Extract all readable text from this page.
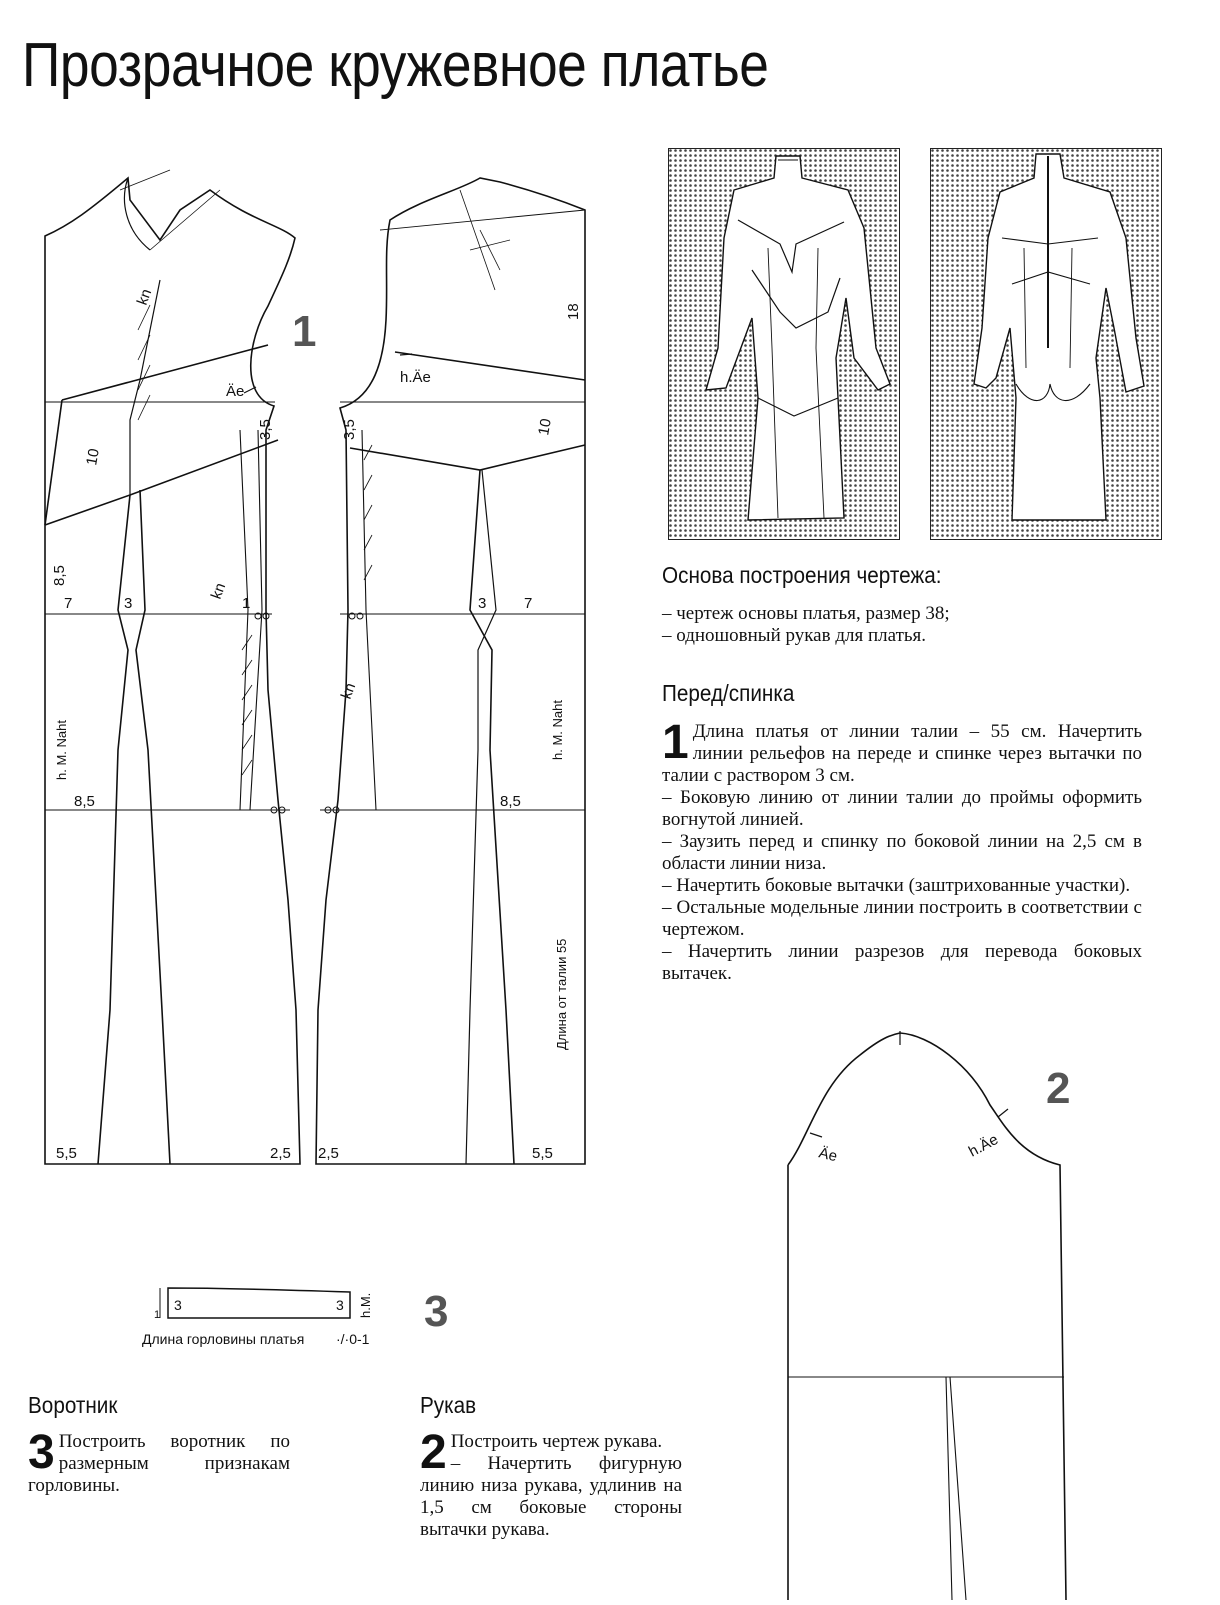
Прозрачное кружевное платье
1
kn
Äe
h.Äe
3,5	3,5
10
10
18
8,5
7	3	1	3	7
kn
kn
h. M. Naht	h. M. Naht
8,5	8,5
Длина от талии 55
5,5	2,5 2,5	5,5
Основа построения чертежа:
– чертеж основы платья, размер 38;
– одношовный рукав для платья.
Перед/спинка
1 Длина платья от линии талии – 55 см. Начертить линии рельефов на переде и спинке через вытачки по талии с раствором 3 см.
– Боковую линию от линии талии до проймы оформить вогнутой линией.
– Заузить перед и спинку по боковой линии на 2,5 см в области линии низа.
– Начертить боковые вытачки (заштрихованные участки).
– Остальные модельные линии построить в соответствии с чертежом.
– Начертить линии разрезов для перевода боковых вытачек.
2
Äe	h.Äe
3	3
1	h.M.
Длина горловины платья ·/·0-1
3
Воротник
3 Построить воротник по размерным признакам горловины.
Рукав
2 Построить чертеж рукава.
– Начертить фигурную линию низа рукава, удлинив на 1,5 см боковые стороны вытачки рукава.
